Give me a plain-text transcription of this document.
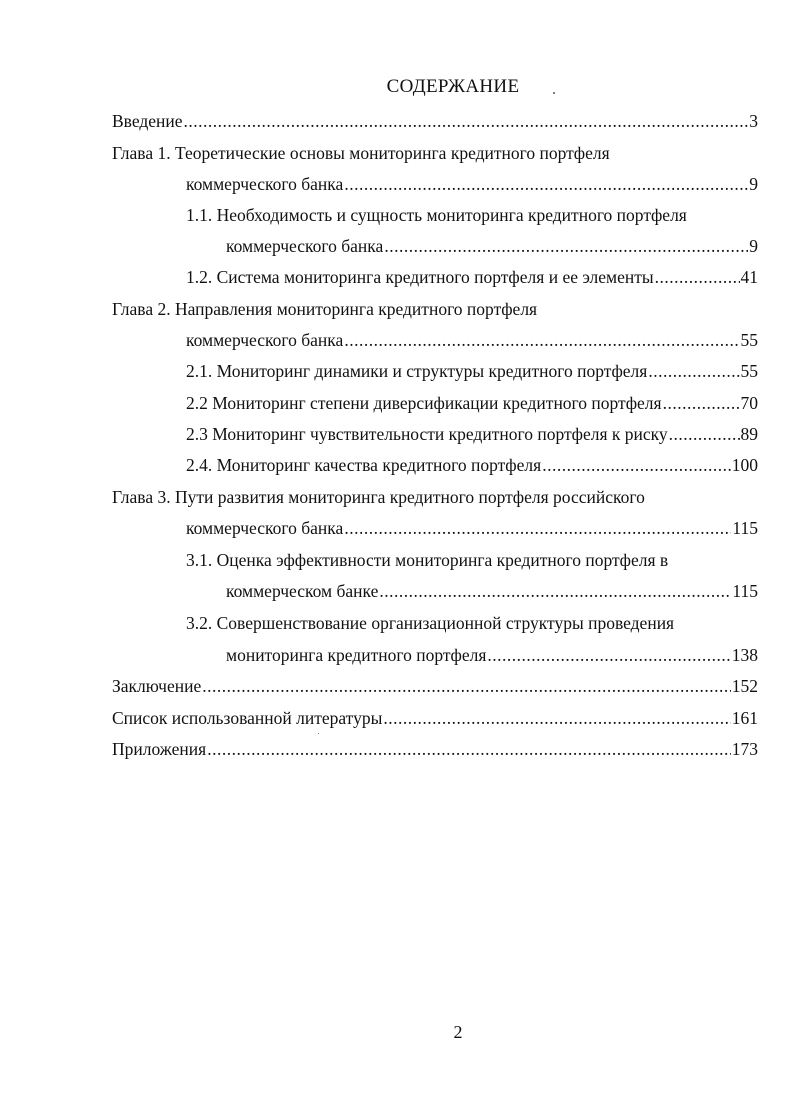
СОДЕРЖАНИЕ
Введение .....	3
Глава 1. Теоретические основы мониторинга кредитного портфеля
коммерческого банка .....	9
1.1. Необходимость и сущность мониторинга кредитного портфеля
коммерческого банка .....	9
1.2. Система мониторинга кредитного портфеля и ее элементы .....	41
Глава 2. Направления мониторинга кредитного портфеля
коммерческого банка .....	55
2.1. Мониторинг динамики и структуры кредитного портфеля .....	55
2.2 Мониторинг степени диверсификации кредитного портфеля .....	70
2.3 Мониторинг чувствительности кредитного портфеля к риску .....	89
2.4. Мониторинг качества кредитного портфеля .....	100
Глава 3. Пути развития мониторинга кредитного портфеля российского
коммерческого банка .....	115
3.1. Оценка эффективности мониторинга кредитного портфеля в
коммерческом банке .....	115
3.2. Совершенствование организационной структуры проведения
мониторинга кредитного портфеля .....	138
Заключение .....	152
Список использованной литературы .....	161
Приложения .....	173
2
